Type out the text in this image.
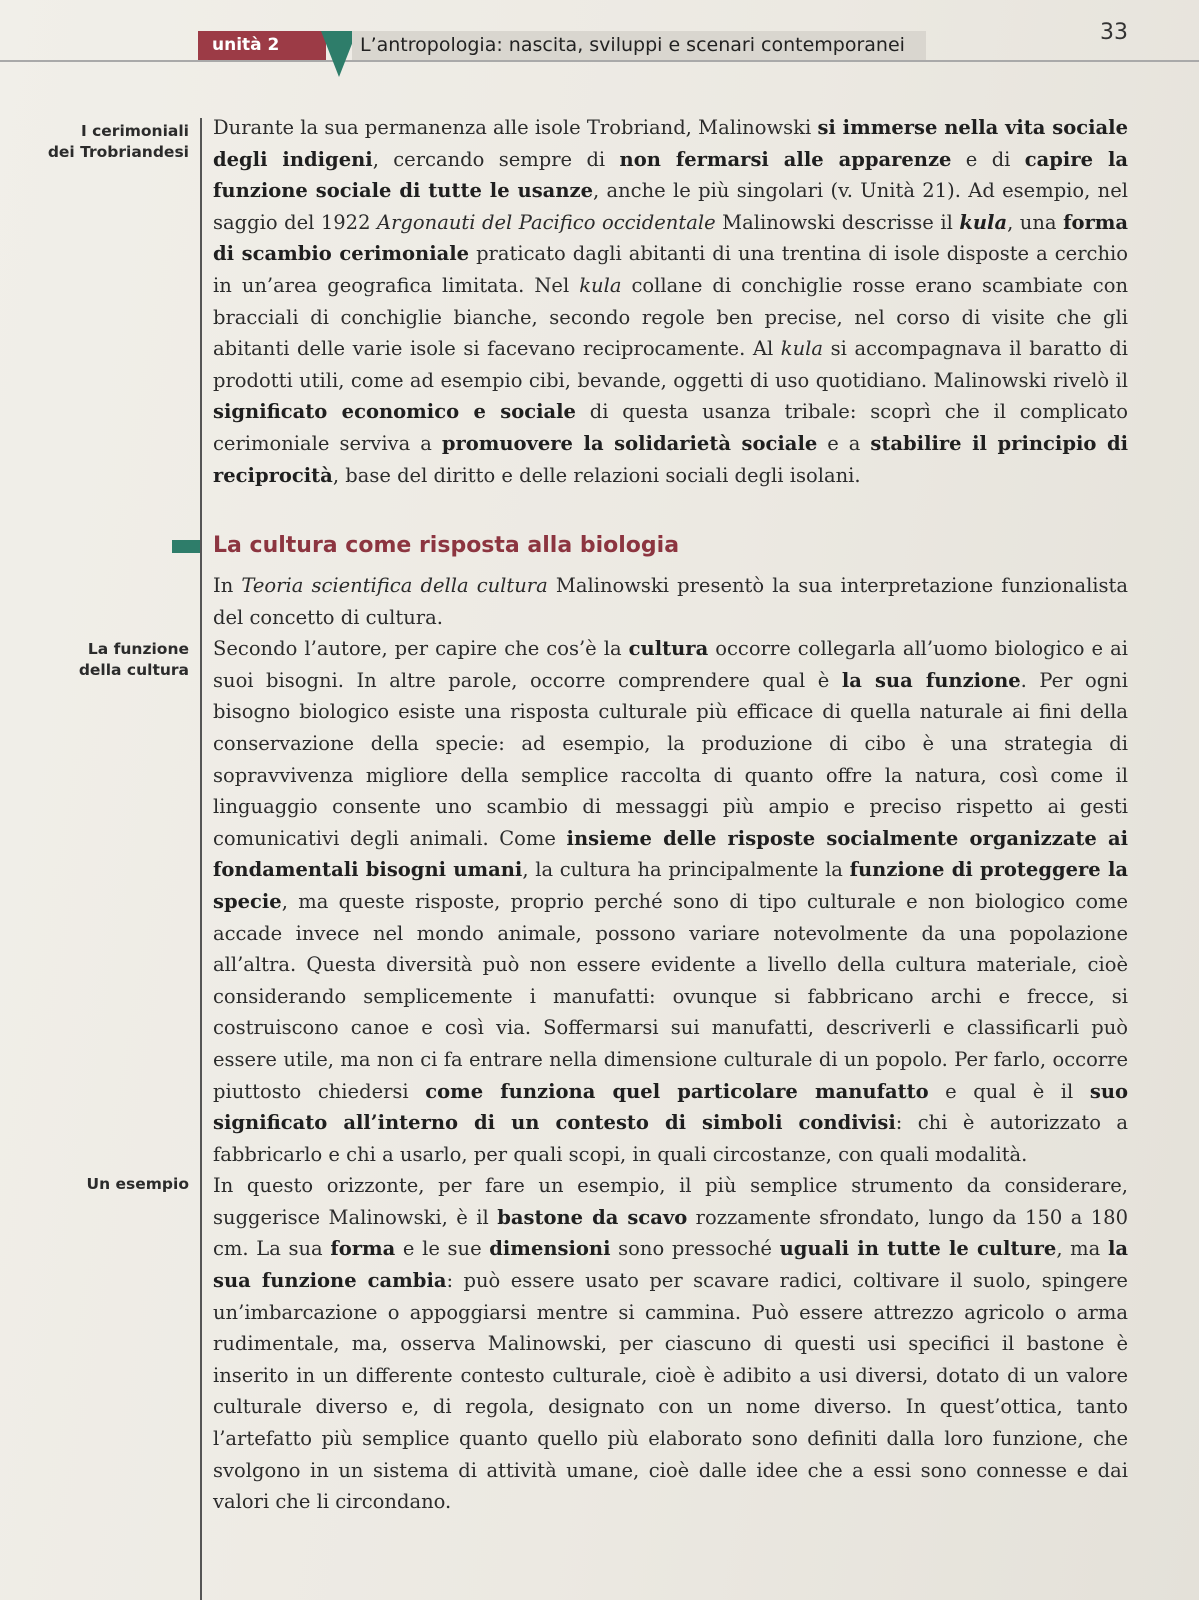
unità 2	L’antropologia: nascita, sviluppi e scenari contemporanei	33
I cerimoniali
dei Trobriandesi
La funzione
della cultura
Un esempio

Durante la sua permanenza alle isole Trobriand, Malinowski si immerse nella vita sociale degli indigeni, cercando sempre di non fermarsi alle apparenze e di capire la funzione sociale di tutte le usanze, anche le più singolari (v. Unità 21). Ad esempio, nel saggio del 1922 Argonauti del Pacifico occidentale Malinowski descrisse il kula, una forma di scambio cerimoniale praticato dagli abitanti di una trentina di isole disposte a cerchio in un’area geografica limitata. Nel kula collane di conchiglie rosse erano scambiate con bracciali di conchiglie bianche, secondo regole ben precise, nel corso di visite che gli abitanti delle varie isole si facevano reciprocamente. Al kula si accompagnava il baratto di prodotti utili, come ad esempio cibi, bevande, oggetti di uso quotidiano. Malinowski rivelò il significato economico e sociale di questa usanza tribale: scoprì che il complicato cerimoniale serviva a promuovere la solidarietà sociale e a stabilire il principio di reciprocità, base del diritto e delle relazioni sociali degli isolani.

La cultura come risposta alla biologia

In Teoria scientifica della cultura Malinowski presentò la sua interpretazione funzionalista del concetto di cultura.

Secondo l’autore, per capire che cos’è la cultura occorre collegarla all’uomo biologico e ai suoi bisogni. In altre parole, occorre comprendere qual è la sua funzione. Per ogni bisogno biologico esiste una risposta culturale più efficace di quella naturale ai fini della conservazione della specie: ad esempio, la produzione di cibo è una strategia di sopravvivenza migliore della semplice raccolta di quanto offre la natura, così come il linguaggio consente uno scambio di messaggi più ampio e preciso rispetto ai gesti comunicativi degli animali. Come insieme delle risposte socialmente organizzate ai fondamentali bisogni umani, la cultura ha principalmente la funzione di proteggere la specie, ma queste risposte, proprio perché sono di tipo culturale e non biologico come accade invece nel mondo animale, possono variare notevolmente da una popolazione all’altra. Questa diversità può non essere evidente a livello della cultura materiale, cioè considerando semplicemente i manufatti: ovunque si fabbricano archi e frecce, si costruiscono canoe e così via. Soffermarsi sui manufatti, descriverli e classificarli può essere utile, ma non ci fa entrare nella dimensione culturale di un popolo. Per farlo, occorre piuttosto chiedersi come funziona quel particolare manufatto e qual è il suo significato all’interno di un contesto di simboli condivisi: chi è autorizzato a fabbricarlo e chi a usarlo, per quali scopi, in quali circostanze, con quali modalità.

In questo orizzonte, per fare un esempio, il più semplice strumento da considerare, suggerisce Malinowski, è il bastone da scavo rozzamente sfrondato, lungo da 150 a 180 cm. La sua forma e le sue dimensioni sono pressoché uguali in tutte le culture, ma la sua funzione cambia: può essere usato per scavare radici, coltivare il suolo, spingere un’imbarcazione o appoggiarsi mentre si cammina. Può essere attrezzo agricolo o arma rudimentale, ma, osserva Malinowski, per ciascuno di questi usi specifici il bastone è inserito in un differente contesto culturale, cioè è adibito a usi diversi, dotato di un valore culturale diverso e, di regola, designato con un nome diverso. In quest’ottica, tanto l’artefatto più semplice quanto quello più elaborato sono definiti dalla loro funzione, che svolgono in un sistema di attività umane, cioè dalle idee che a essi sono connesse e dai valori che li circondano.
